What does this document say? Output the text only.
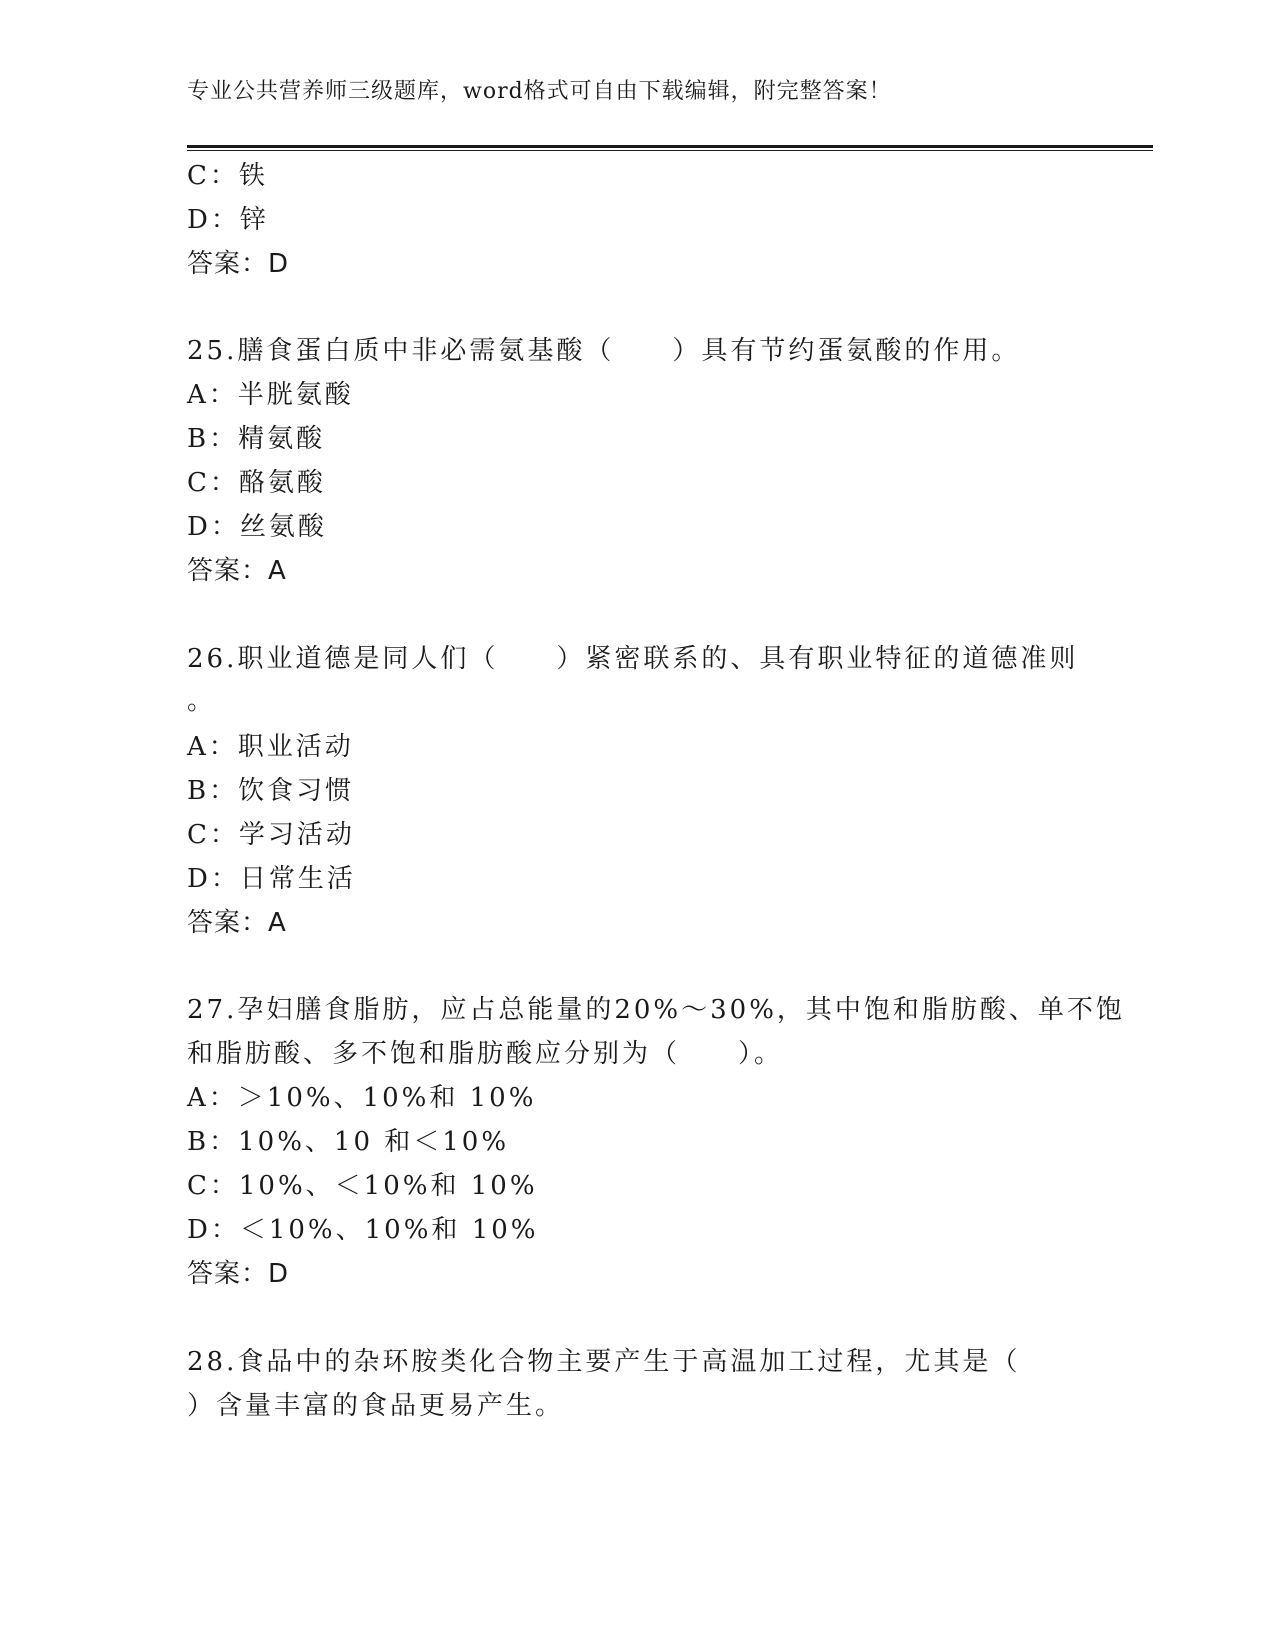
专业公共营养师三级题库，word格式可自由下载编辑，附完整答案！
C：铁
D：锌
答案：D
25.膳食蛋白质中非必需氨基酸（　　）具有节约蛋氨酸的作用。
A：半胱氨酸
B：精氨酸
C：酪氨酸
D：丝氨酸
答案：A
26.职业道德是同人们（　　）紧密联系的、具有职业特征的道德准则
。
A：职业活动
B：饮食习惯
C：学习活动
D：日常生活
答案：A
27.孕妇膳食脂肪，应占总能量的20%～30%，其中饱和脂肪酸、单不饱
和脂肪酸、多不饱和脂肪酸应分别为（　　）。
A：＞10%、10%和 10%
B：10%、10 和＜10%
C：10%、＜10%和 10%
D：＜10%、10%和 10%
答案：D
28.食品中的杂环胺类化合物主要产生于高温加工过程，尤其是（
）含量丰富的食品更易产生。
